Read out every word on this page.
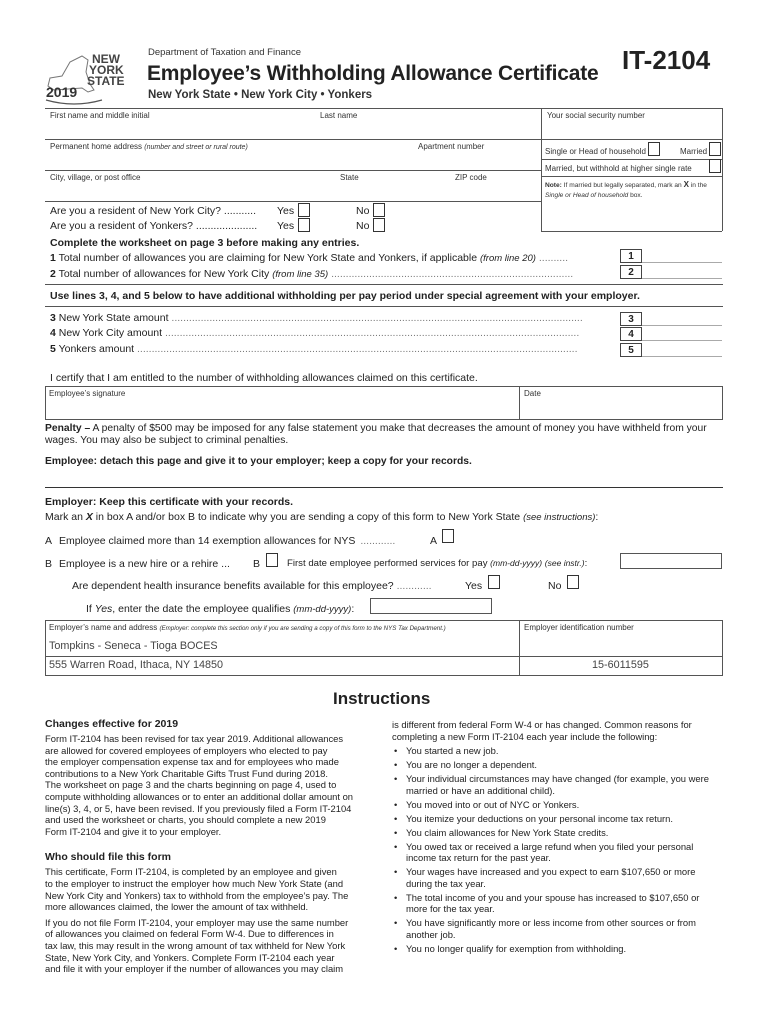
NEW
YORK
STATE
2019
Department of Taxation and Finance
Employee’s Withholding Allowance Certificate
New York State • New York City • Yonkers
IT-2104
First name and middle initial	Last name	Your social security number
Permanent home address (number and street or rural route)	Apartment number
City, village, or post office	State	ZIP code
Single or Head of household	Married
Married, but withhold at higher single rate
Note: If married but legally separated, mark an X in the Single or Head of household box.
Are you a resident of New York City? ........... Yes	No
Are you a resident of Yonkers? ..................... Yes	No
Complete the worksheet on page 3 before making any entries.
1 Total number of allowances you are claiming for New York State and Yonkers, if applicable (from line 20) ..........	1
2 Total number of allowances for New York City (from line 35) ...................................................................................	2
Use lines 3, 4, and 5 below to have additional withholding per pay period under special agreement with your employer.
3 New York State amount .............................................................................................................................................	3
4 New York City amount ..............................................................................................................................................	4
5 Yonkers amount .......................................................................................................................................................	5
I certify that I am entitled to the number of withholding allowances claimed on this certificate.
Employee’s signature	Date
Penalty – A penalty of $500 may be imposed for any false statement you make that decreases the amount of money you have withheld from your wages. You may also be subject to criminal penalties.
Employee: detach this page and give it to your employer; keep a copy for your records.
Employer: Keep this certificate with your records.
Mark an X in box A and/or box B to indicate why you are sending a copy of this form to New York State (see instructions):
A Employee claimed more than 14 exemption allowances for NYS ............	A
B Employee is a new hire or a rehire ... B	First date employee performed services for pay (mm-dd-yyyy) (see instr.):
Are dependent health insurance benefits available for this employee? ............	Yes	No
If Yes, enter the date the employee qualifies (mm-dd-yyyy):
Employer’s name and address (Employer: complete this section only if you are sending a copy of this form to the NYS Tax Department.)	Employer identification number
Tompkins - Seneca - Tioga BOCES
555 Warren Road, Ithaca, NY 14850	15-6011595
Instructions
Changes effective for 2019
Form IT-2104 has been revised for tax year 2019. Additional allowances
are allowed for covered employees of employers who elected to pay
the employer compensation expense tax and for employees who made
contributions to a New York Charitable Gifts Trust Fund during 2018.
The worksheet on page 3 and the charts beginning on page 4, used to
compute withholding allowances or to enter an additional dollar amount on
line(s) 3, 4, or 5, have been revised. If you previously filed a Form IT-2104
and used the worksheet or charts, you should complete a new 2019
Form IT-2104 and give it to your employer.
Who should file this form
This certificate, Form IT-2104, is completed by an employee and given
to the employer to instruct the employer how much New York State (and
New York City and Yonkers) tax to withhold from the employee’s pay. The
more allowances claimed, the lower the amount of tax withheld.
If you do not file Form IT-2104, your employer may use the same number
of allowances you claimed on federal Form W-4. Due to differences in
tax law, this may result in the wrong amount of tax withheld for New York
State, New York City, and Yonkers. Complete Form IT-2104 each year
and file it with your employer if the number of allowances you may claim
is different from federal Form W-4 or has changed. Common reasons for
completing a new Form IT-2104 each year include the following:
• You started a new job.
• You are no longer a dependent.
• Your individual circumstances may have changed (for example, you were married or have an additional child).
• You moved into or out of NYC or Yonkers.
• You itemize your deductions on your personal income tax return.
• You claim allowances for New York State credits.
• You owed tax or received a large refund when you filed your personal income tax return for the past year.
• Your wages have increased and you expect to earn $107,650 or more during the tax year.
• The total income of you and your spouse has increased to $107,650 or more for the tax year.
• You have significantly more or less income from other sources or from another job.
• You no longer qualify for exemption from withholding.
